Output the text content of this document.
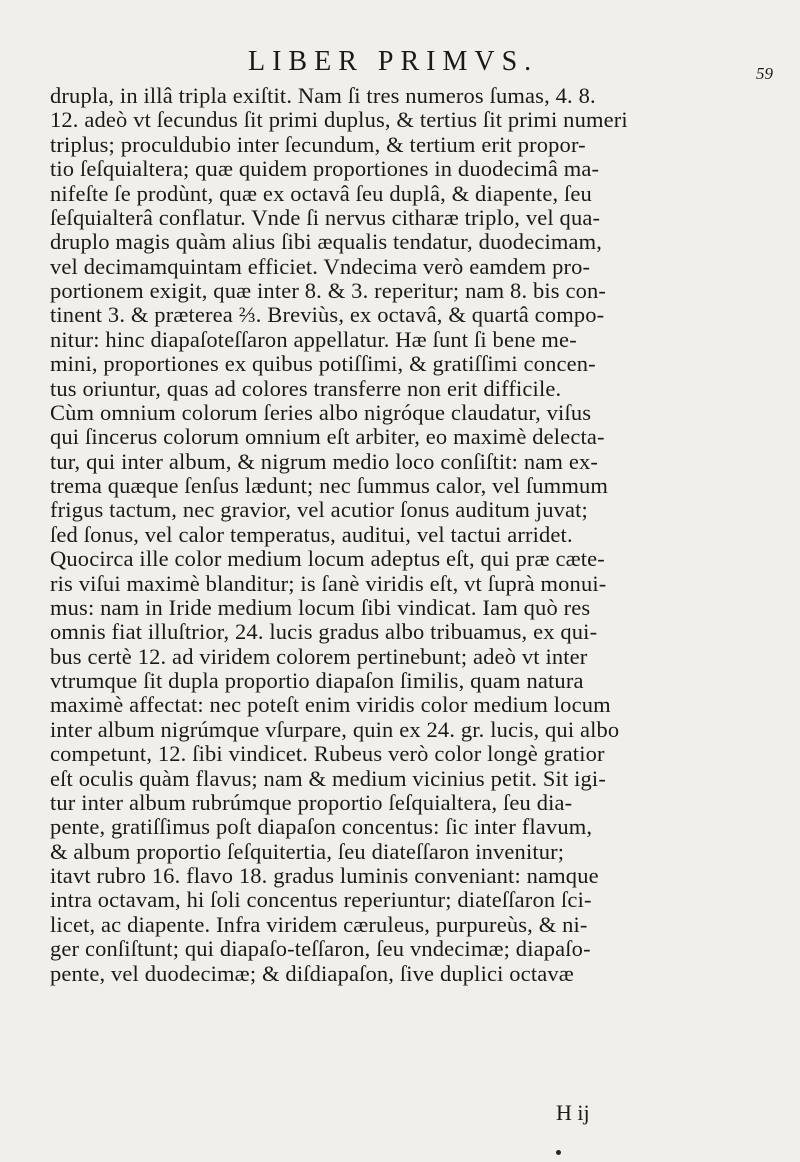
LIBER PRIMVS.	59
drupla, in illâ tripla exiſtit. Nam ſi tres numeros ſumas, 4. 8.
12. adeò vt ſecundus ſit primi duplus, & tertius ſit primi numeri
triplus; proculdubio inter ſecundum, & tertium erit propor-
tio ſeſquialtera; quæ quidem proportiones in duodecimâ ma-
nifeſte ſe prodùnt, quæ ex octavâ ſeu duplâ, & diapente, ſeu
ſeſquialterâ conflatur. Vnde ſi nervus citharæ triplo, vel qua-
druplo magis quàm alius ſibi æqualis tendatur, duodecimam,
vel decimamquintam efficiet. Vndecima verò eamdem pro-
portionem exigit, quæ inter 8. & 3. reperitur; nam 8. bis con-
tinent 3. & prætereа ⅔. Breviùs, ex octavâ, & quartâ compo-
nitur: hinc diapaſoteſſaron appellatur. Hæ ſunt ſi bene me-
mini, proportiones ex quibus potiſſimi, & gratiſſimi concen-
tus oriuntur, quas ad colores transferre non erit difficile.
Cùm omnium colorum ſeries albo nigróque claudatur, viſus
qui ſincerus colorum omnium eſt arbiter, eo maximè delecta-
tur, qui inter album, & nigrum medio loco conſiſtit: nam ex-
trema quæque ſenſus lædunt; nec ſummus calor, vel ſummum
frigus tactum, nec gravior, vel acutior ſonus auditum juvat;
ſed ſonus, vel calor temperatus, auditui, vel tactui arridet.
Quocirca ille color medium locum adeptus eſt, qui præ cæte-
ris viſui maximè blanditur; is ſanè viridis eſt, vt ſuprà monui-
mus: nam in Iride medium locum ſibi vindicat. Iam quò res
omnis fiat illuſtrior, 24. lucis gradus albo tribuamus, ex qui-
bus certè 12. ad viridem colorem pertinebunt; adeò vt inter
vtrumque ſit dupla proportio diapaſon ſimilis, quam natura
maximè affectat: nec poteſt enim viridis color medium locum
inter album nigrúmque vſurpare, quin ex 24. gr. lucis, qui albo
competunt, 12. ſibi vindicet. Rubeus verò color longè gratior
eſt oculis quàm flavus; nam & medium vicinius petit. Sit igi-
tur inter album rubrúmque proportio ſeſquialtera, ſeu dia-
pente, gratiſſimus poſt diapaſon concentus: ſic inter flavum,
& album proportio ſeſquitertia, ſeu diateſſaron invenitur;
itavt rubro 16. flavo 18. gradus luminis conveniant: namque
intra octavam, hi ſoli concentus reperiuntur; diateſſaron ſci-
licet, ac diapente. Infra viridem cæruleus, purpureùs, & ni-
ger conſiſtunt; qui diapaſo-teſſaron, ſeu vndecimæ; diapaſo-
pente, vel duodecimæ; & diſdiapaſon, ſive duplici octavæ
H ij
